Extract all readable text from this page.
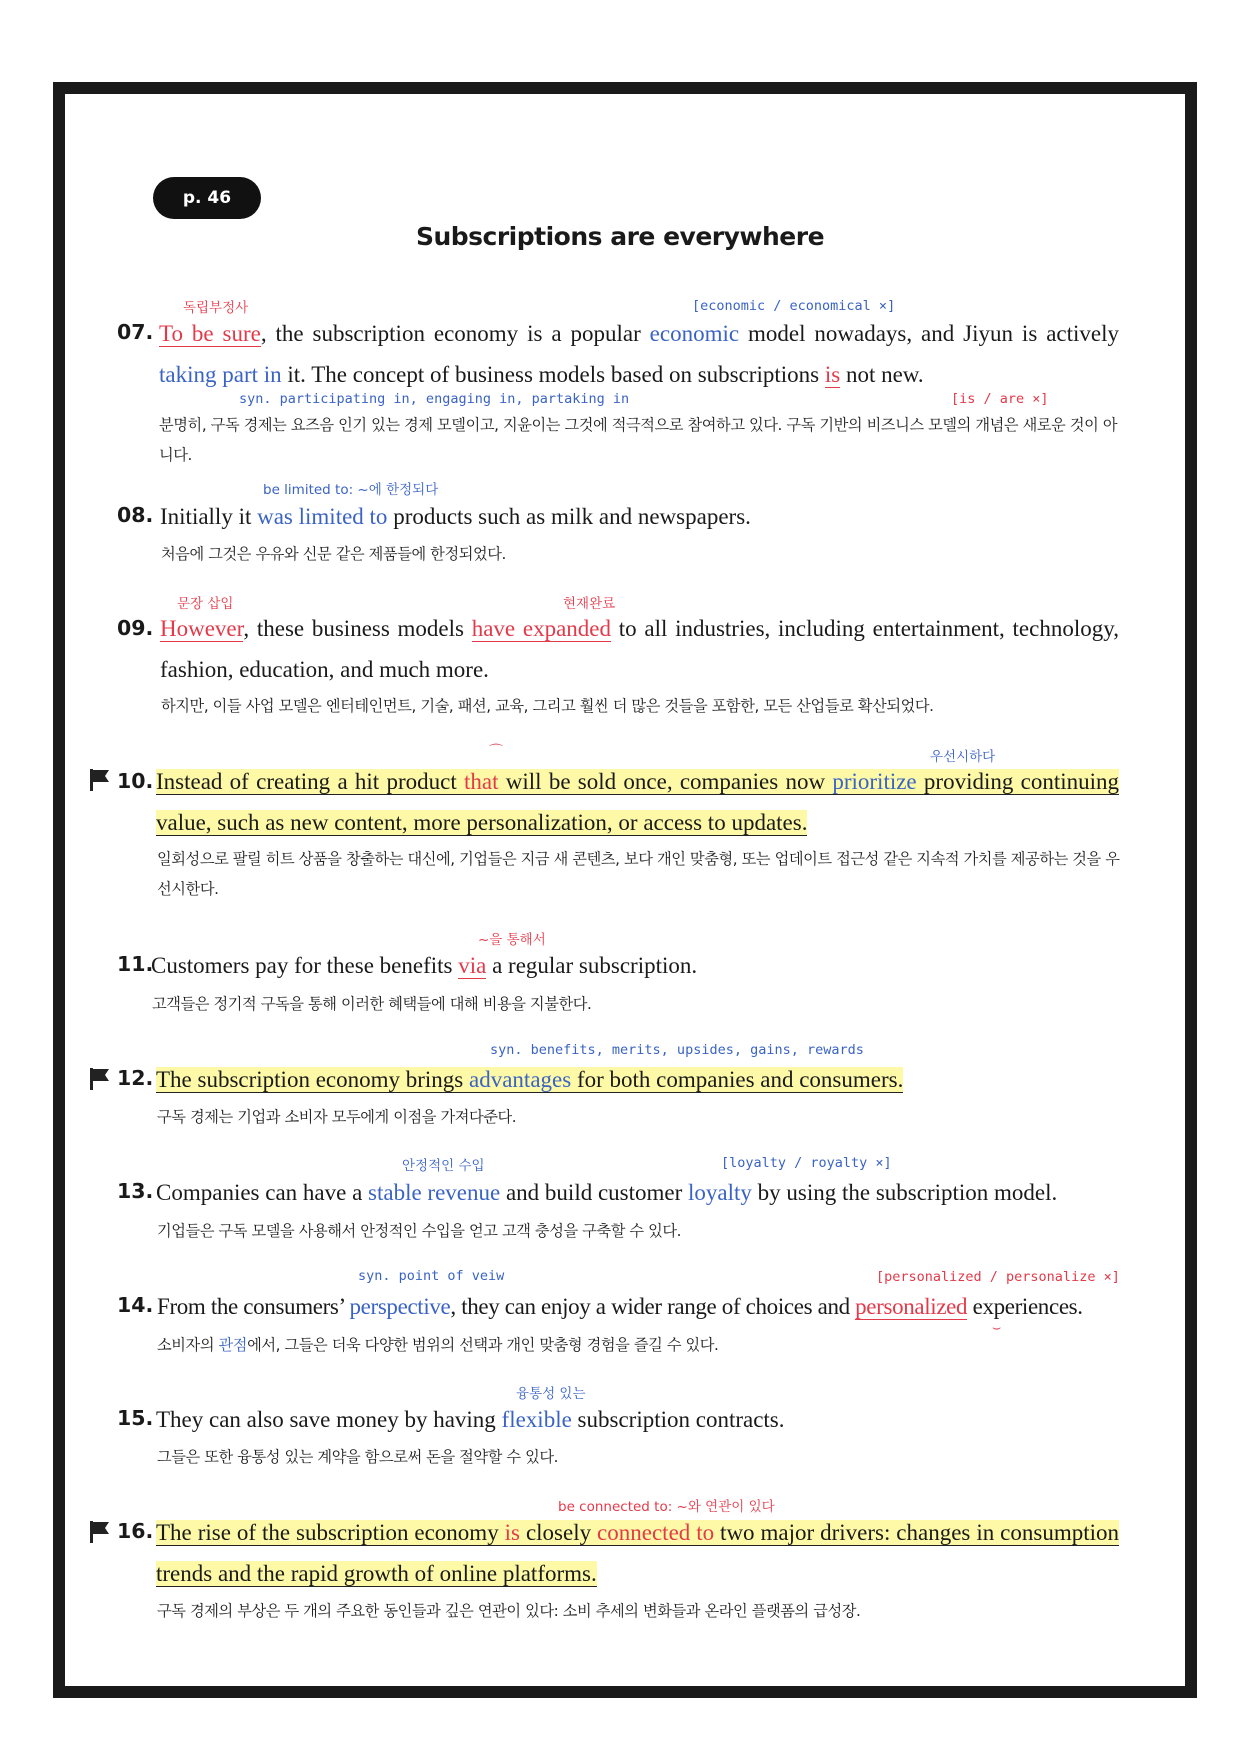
p. 46
Subscriptions are everywhere
독립부정사	[economic / economical ×]
07. To be sure, the subscription economy is a popular economic model nowadays, and Jiyun is actively taking part in it. The concept of business models based on subscriptions is not new.
syn. participating in, engaging in, partaking in	[is / are ×]
분명히, 구독 경제는 요즈음 인기 있는 경제 모델이고, 지윤이는 그것에 적극적으로 참여하고 있다. 구독 기반의 비즈니스 모델의 개념은 새로운 것이 아니다.
be limited to: ~에 한정되다
08. Initially it was limited to products such as milk and newspapers.
처음에 그것은 우유와 신문 같은 제품들에 한정되었다.
문장 삽입	현재완료
09. However, these business models have expanded to all industries, including entertainment, technology, fashion, education, and much more.
하지만, 이들 사업 모델은 엔터테인먼트, 기술, 패션, 교육, 그리고 훨씬 더 많은 것들을 포함한, 모든 산업들로 확산되었다.
⌒	우선시하다
10. Instead of creating a hit product that will be sold once, companies now prioritize providing continuing value, such as new content, more personalization, or access to updates.
일회성으로 팔릴 히트 상품을 창출하는 대신에, 기업들은 지금 새 콘텐츠, 보다 개인 맞춤형, 또는 업데이트 접근성 같은 지속적 가치를 제공하는 것을 우선시한다.
~을 통해서
11.
Customers pay for these benefits via a regular subscription.
고객들은 정기적 구독을 통해 이러한 혜택들에 대해 비용을 지불한다.
syn. benefits, merits, upsides, gains, rewards
12. The subscription economy brings advantages for both companies and consumers.
구독 경제는 기업과 소비자 모두에게 이점을 가져다준다.
안정적인 수입	[loyalty / royalty ×]
13. Companies can have a stable revenue and build customer loyalty by using the subscription model.
기업들은 구독 모델을 사용해서 안정적인 수입을 얻고 고객 충성을 구축할 수 있다.
syn. point of veiw	[personalized / personalize ×]
14. From the consumers’ perspective, they can enjoy a wider range of choices and personalized experiences.
⌣
소비자의 관점에서, 그들은 더욱 다양한 범위의 선택과 개인 맞춤형 경험을 즐길 수 있다.
융통성 있는
15. They can also save money by having flexible subscription contracts.
그들은 또한 융통성 있는 계약을 함으로써 돈을 절약할 수 있다.
be connected to: ~와 연관이 있다
16. The rise of the subscription economy is closely connected to two major drivers: changes in consumption trends and the rapid growth of online platforms.
구독 경제의 부상은 두 개의 주요한 동인들과 깊은 연관이 있다: 소비 추세의 변화들과 온라인 플랫폼의 급성장.
